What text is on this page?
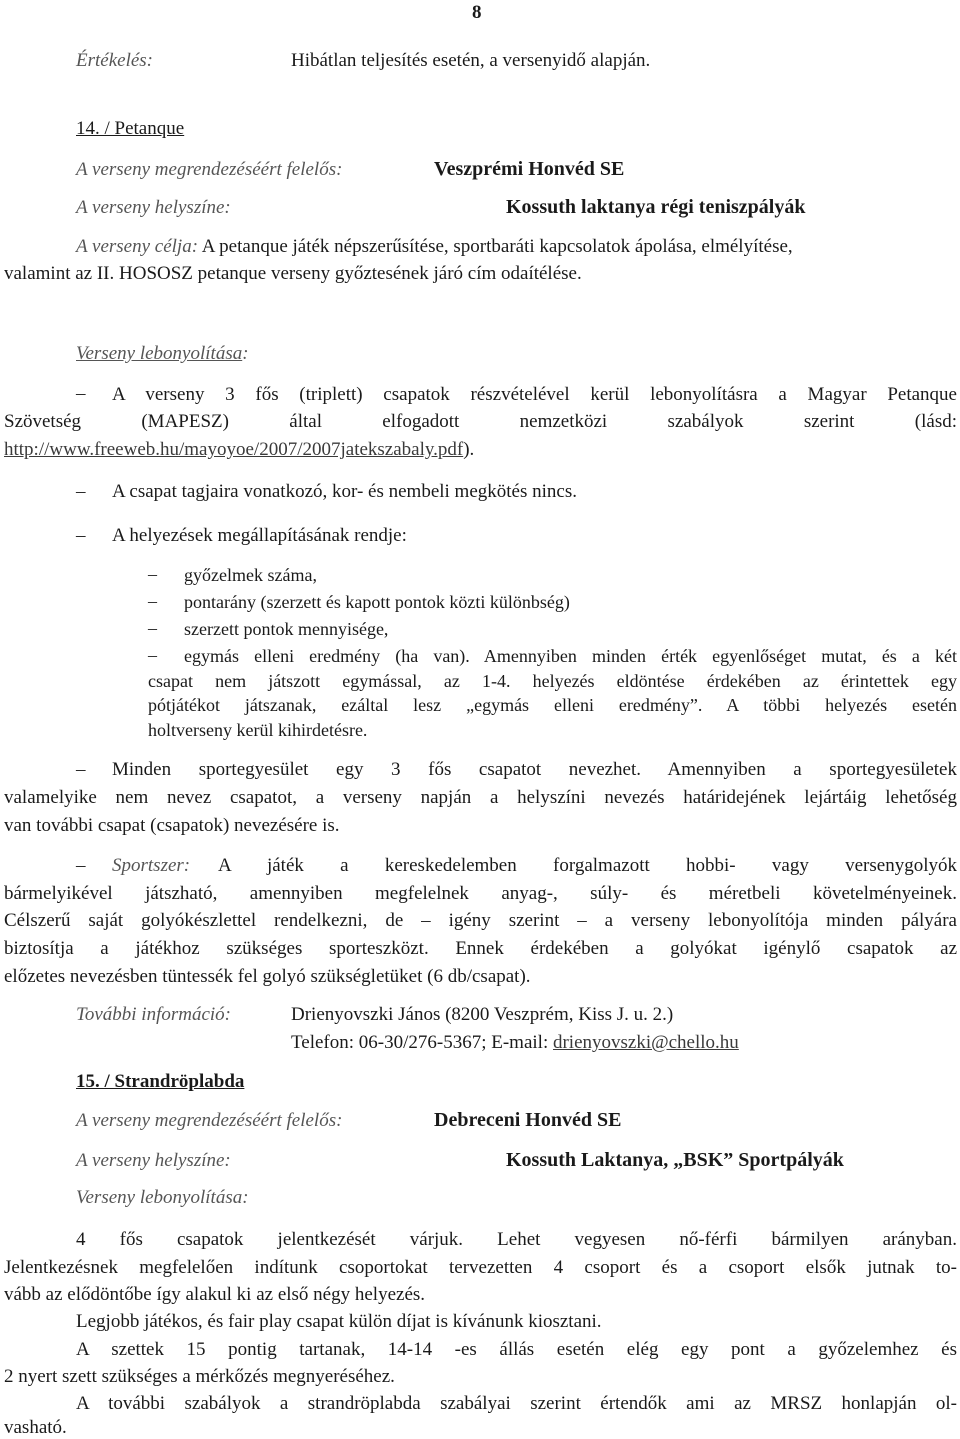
8
Értékelés:	Hibátlan teljesítés esetén, a versenyidő alapján.
14. / Petanque
A verseny megrendezéséért felelős:	Veszprémi Honvéd SE
A verseny helyszíne:	Kossuth laktanya régi teniszpályák
A verseny célja: A petanque játék népszerűsítése, sportbaráti kapcsolatok ápolása, elmélyítése,
valamint az II. HOSOSZ petanque verseny győztesének járó cím odaítélése.
Verseny lebonyolítása:
– A verseny 3 fős (triplett) csapatok részvételével kerül lebonyolításra a Magyar Petanque
Szövetség (MAPESZ) által elfogadott nemzetközi szabályok szerint (lásd:
http://www.freeweb.hu/mayoyoe/2007/2007jatekszabaly.pdf).
– A csapat tagjaira vonatkozó, kor- és nembeli megkötés nincs.
– A helyezések megállapításának rendje:
– győzelmek száma,
– pontarány (szerzett és kapott pontok közti különbség)
– szerzett pontok mennyisége,
– egymás elleni eredmény (ha van). Amennyiben minden érték egyenlőséget mutat, és a két
csapat nem játszott egymással, az 1-4. helyezés eldöntése érdekében az érintettek egy
pótjátékot játszanak, ezáltal lesz „egymás elleni eredmény”. A többi helyezés esetén
holtverseny kerül kihirdetésre.
– Minden sportegyesület egy 3 fős csapatot nevezhet. Amennyiben a sportegyesületek
valamelyike nem nevez csapatot, a verseny napján a helyszíni nevezés határidejének lejártáig lehetőség
van további csapat (csapatok) nevezésére is.
– Sportszer: A játék a kereskedelemben forgalmazott hobbi- vagy versenygolyók
bármelyikével játszható, amennyiben megfelelnek anyag-, súly- és méretbeli követelményeinek.
Célszerű saját golyókészlettel rendelkezni, de – igény szerint – a verseny lebonyolítója minden pályára
biztosítja a játékhoz szükséges sporteszközt. Ennek érdekében a golyókat igénylő csapatok az
előzetes nevezésben tüntessék fel golyó szükségletüket (6 db/csapat).
További információ:	Drienyovszki János (8200 Veszprém, Kiss J. u. 2.)
Telefon: 06-30/276-5367; E-mail: drienyovszki@chello.hu
15. / Strandröplabda
A verseny megrendezéséért felelős:	Debreceni Honvéd SE
A verseny helyszíne:	Kossuth Laktanya, „BSK” Sportpályák
Verseny lebonyolítása:
4 fős csapatok jelentkezését várjuk. Lehet vegyesen nő-férfi bármilyen arányban.
Jelentkezésnek megfelelően indítunk csoportokat tervezetten 4 csoport és a csoport elsők jutnak to-
vább az elődöntőbe így alakul ki az első négy helyezés.
Legjobb játékos, és fair play csapat külön díjat is kívánunk kiosztani.
A szettek 15 pontig tartanak, 14-14 -es állás esetén elég egy pont a győzelemhez és
2 nyert szett szükséges a mérkőzés megnyeréséhez.
A további szabályok a strandröplabda szabályai szerint értendők ami az MRSZ honlapján ol-
vasható.
